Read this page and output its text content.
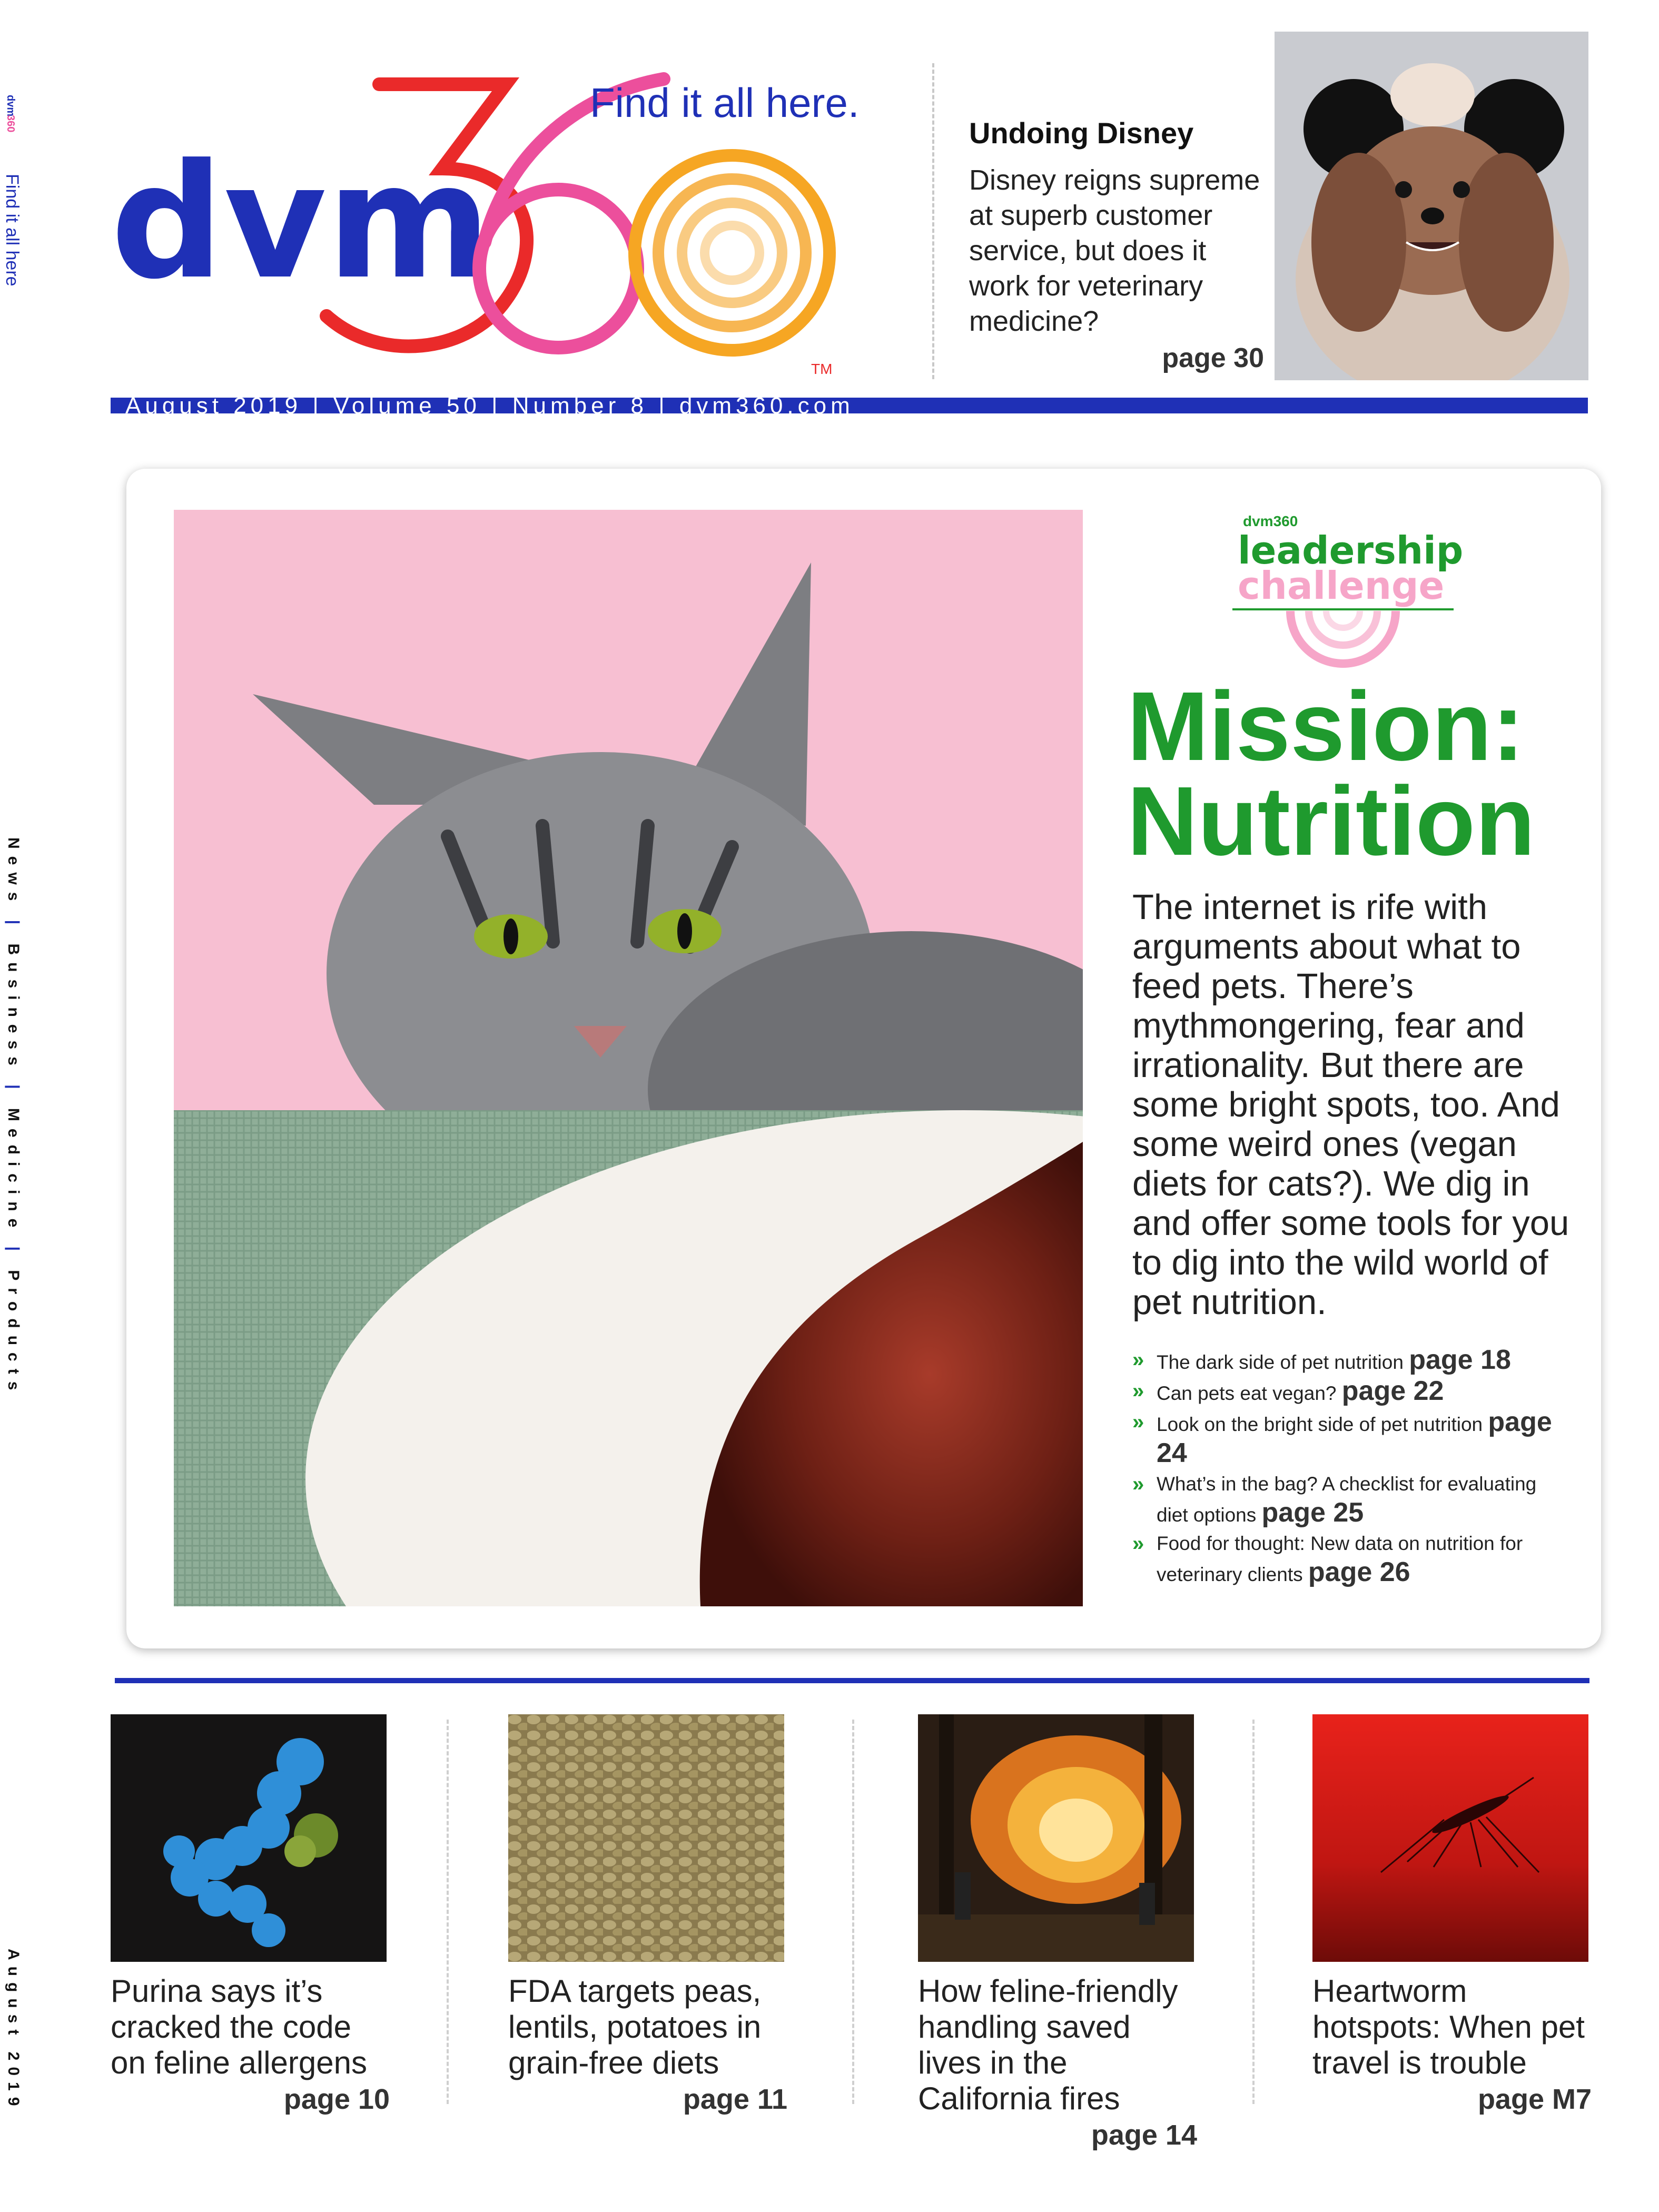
dvm
360
Find it all here
News | Business | Medicine | Products
August 2019
dvm
TM
Find it all here.
Undoing Disney

Disney reigns supreme at superb customer service, but does it work for veterinary medicine?

page 30
August 2019 | Volume 50 | Number 8 | dvm360.com
dvm360
leadership
challenge
Mission:
Nutrition

The internet is rife with arguments about what to feed pets. There’s mythmongering, fear and irrationality. But there are some bright spots, too. And some weird ones (vegan diets for cats?). We dig in and offer some tools for you to dig into the wild world of pet nutrition.

» The dark side of pet nutrition page 18
» Can pets eat vegan? page 22
» Look on the bright side of pet nutrition page 24
» What’s in the bag? A checklist for evaluating diet options page 25
» Food for thought: New data on nutrition for veterinary clients page 26
Purina says it’s cracked the code on feline allergens
page 10
FDA targets peas, lentils, potatoes in grain-free diets
page 11
How feline-friendly handling saved lives in the California fires
page 14
Heartworm hotspots: When pet travel is trouble
page M7
